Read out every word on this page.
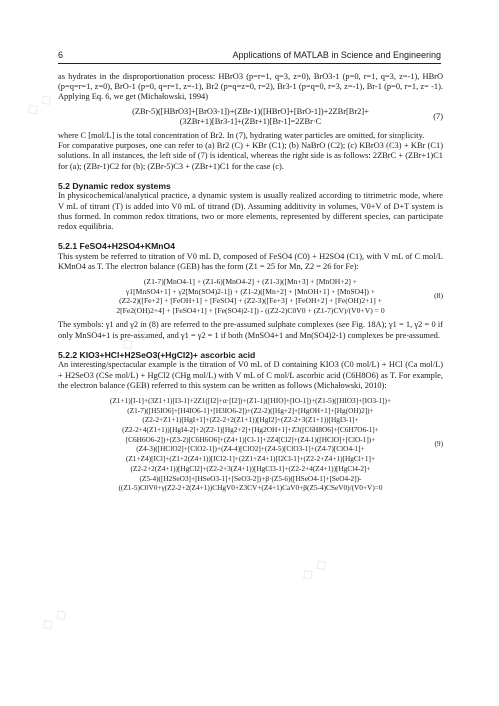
6	Applications of MATLAB in Science and Engineering

as hydrates in the disproportionation process: HBrO3 (p=r=1, q=3, z=0), BrO3-1 (p=0, r=1, q=3, z=-1), HBrO (p=q=r=1, z=0), BrO-1 (p=0, q=r=1, z=-1), Br2 (p=q=z=0, r=2), Br3-1 (p=q=0, r=3, z=-1), Br-1 (p=0, r=1, z= -1). Applying Eq. 6, we get (Michałowski, 1994)

(ZBr-5)([HBrO3]+[BrO3-1])+(ZBr-1)([HBrO]+[BrO-1])+2ZBr[Br2]+
(3ZBr+1)[Br3-1]+(ZBr+1)[Br-1]=2ZBr·C
(7)

where C [mol/L] is the total concentration of Br2. In (7), hydrating water particles are omitted, for simplicity.

For comparative purposes, one can refer to (a) Br2 (C) + KBr (C1); (b) NaBrO (C2); (c) KBrO3 (C3) + KBr (C1) solutions. In all instances, the left side of (7) is identical, whereas the right side is as follows: 2ZBrC + (ZBr+1)C1 for (a); (ZBr-1)C2 for (b); (ZBr-5)C3 + (ZBr+1)C1 for the case (c).

5.2 Dynamic redox systems

In physicochemical/analytical practice, a dynamic system is usually realized according to titrimetric mode, where V mL of titrant (T) is added into V0 mL of titrand (D). Assuming additivity in volumes, V0+V of D+T system is thus formed. In common redox titrations, two or more elements, represented by different species, can participate redox equilibria.

5.2.1 FeSO4+H2SO4+KMnO4

This system be referred to titration of V0 mL D, composed of FeSO4 (C0) + H2SO4 (C1), with V mL of C mol/L KMnO4 as T. The electron balance (GEB) has the form (Z1 = 25 for Mn, Z2 = 26 for Fe):

(Z1-7)[MnO4-1] + (Z1-6)[MnO4-2] + (Z1-3)([Mn+3] + [MnOH+2] +
γ1[MnSO4+1] + γ2[Mn(SO4)2-1]) + (Z1-2)([Mn+2] + [MnOH+1] + [MnSO4]) +
(Z2-2)([Fe+2] + [FeOH+1] + [FeSO4] + (Z2-3)([Fe+3] + [FeOH+2] + [Fe(OH)2+1] +
2[Fe2(OH)2+4] + [FeSO4+1] + [Fe(SO4)2-1]) - ((Z2-2)C0V0 + (Z1-7)CV)/(V0+V) = 0
(8)

The symbols: γ1 and γ2 in (8) are referred to the pre-assumed sulphate complexes (see Fig. 18A); γ1 = 1, γ2 = 0 if only MnSO4+1 is pre-assumed, and γ1 = γ2 = 1 if both (MnSO4+1 and Mn(SO4)2-1) complexes be pre-assumed.

5.2.2 KIO3+HCl+H2SeO3(+HgCl2)+ ascorbic acid

An interesting/spectacular example is the titration of V0 mL of D containing KIO3 (C0 mol/L) + HCl (Ca mol/L) + H2SeO3 (CSe mol/L) + HgCl2 (CHg mol/L) with V mL of C mol/L ascorbic acid (C6H8O6) as T. For example, the electron balance (GEB) referred to this system can be written as follows (Michałowski, 2010):

(Z1+1)[I-1]+(3Z1+1)[I3-1]+2Z1([I2]+α·[I2])+(Z1-1)([HIO]+[IO-1])+(Z1-5)([HIO3]+[IO3-1])+
(Z1-7)([H5IO6]+[H4IO6-1]+[H3IO6-2])+(Z2-2)([Hg+2]+[HgOH+1]+[Hg(OH)2])+
(Z2-2+Z1+1)[HgI+1]+(Z2-2+2(Z1+1))[HgI2]+(Z2-2+3(Z1+1))[HgI3-1]+
(Z2-2+4(Z1+1))[HgI4-2]+2(Z2-1)[Hg2+2]+[Hg2OH+1]+Z3([C6H8O6]+[C6H7O6-1]+
[C6H6O6-2])+(Z3-2)[C6H6O6]+(Z4+1)[Cl-1]+2Z4[Cl2]+(Z4-1)([HClO]+[ClO-1])+
(Z4-3)([HClO2]+[ClO2-1])+(Z4-4)[ClO2]+(Z4-5)[ClO3-1]+(Z4-7)[ClO4-1]+
(Z1+Z4)[ICl]+(Z1+2(Z4+1))[ICl2-1]+(2Z1+Z4+1)[I2Cl-1]+(Z2-2+Z4+1)[HgCl+1]+
(Z2-2+2(Z4+1))[HgCl2]+(Z2-2+3(Z4+1))[HgCl3-1]+(Z2-2+4(Z4+1))[HgCl4-2]+
(Z5-4)([H2SeO3]+[HSeO3-1]+[SeO3-2])+β·(Z5-6)([HSeO4-1]+[SeO4-2])-
((Z1-5)C0V0+γ(Z2-2+2(Z4+1))CHgV0+Z3CV+(Z4+1)CaV0+β(Z5-4)CSeV0)/(V0+V)=0
(9)
◇ ◇
◇ ◇
◇ ◇
◇ ◇
◇ ◇
